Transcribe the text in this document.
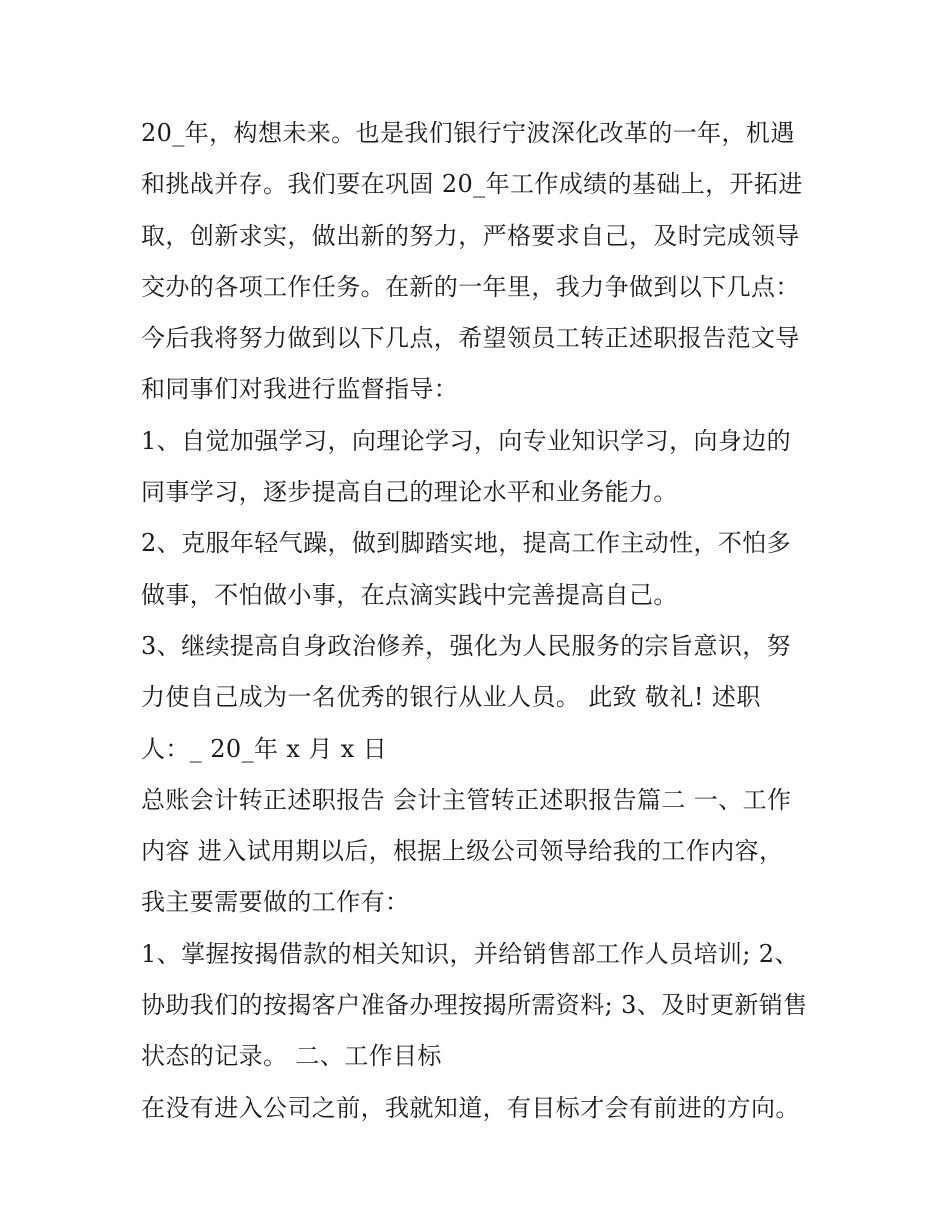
20_年，构想未来。也是我们银行宁波深化改革的一年，机遇
和挑战并存。我们要在巩固 20_年工作成绩的基础上，开拓进
取，创新求实，做出新的努力，严格要求自己，及时完成领导
交办的各项工作任务。在新的一年里，我力争做到以下几点：
今后我将努力做到以下几点，希望领员工转正述职报告范文导
和同事们对我进行监督指导：
1、自觉加强学习，向理论学习，向专业知识学习，向身边的
同事学习，逐步提高自己的理论水平和业务能力。
2、克服年轻气躁，做到脚踏实地，提高工作主动性，不怕多
做事，不怕做小事，在点滴实践中完善提高自己。
3、继续提高自身政治修养，强化为人民服务的宗旨意识，努
力使自己成为一名优秀的银行从业人员。 此致 敬礼! 述职
人：_ 20_年 x 月 x 日
总账会计转正述职报告 会计主管转正述职报告篇二 一、工作
内容 进入试用期以后，根据上级公司领导给我的工作内容，
我主要需要做的工作有：
1、掌握按揭借款的相关知识，并给销售部工作人员培训; 2、
协助我们的按揭客户准备办理按揭所需资料; 3、及时更新销售
状态的记录。 二、工作目标
在没有进入公司之前，我就知道，有目标才会有前进的方向。
